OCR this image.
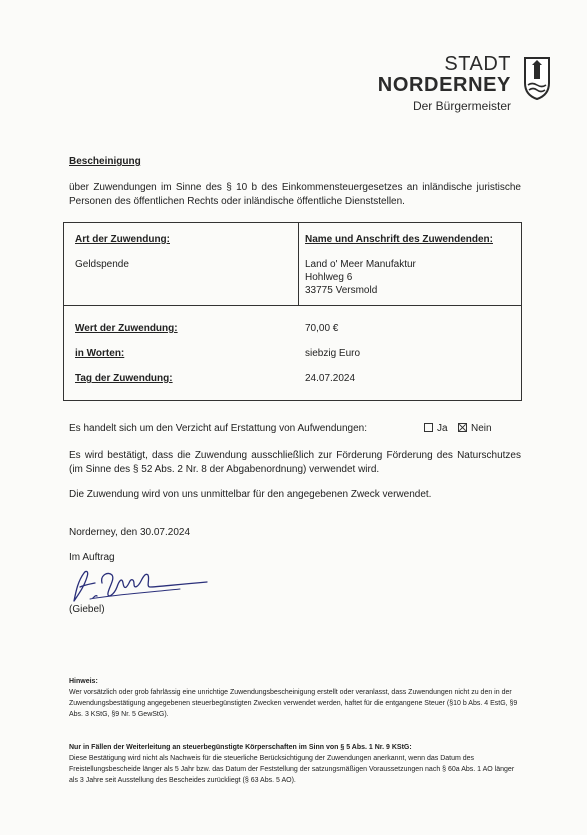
STADT
NORDERNEY
Der Bürgermeister
Bescheinigung
über Zuwendungen im Sinne des § 10 b des Einkommensteuergesetzes an inländische juristische Personen des öffentlichen Rechts oder inländische öffentliche Dienststellen.
Art der Zuwendung:
Geldspende
Name und Anschrift des Zuwendenden:
Land o' Meer Manufaktur
Hohlweg 6
33775 Versmold
Wert der Zuwendung:	70,00 €
in Worten:	siebzig Euro
Tag der Zuwendung:	24.07.2024
Es handelt sich um den Verzicht auf Erstattung von Aufwendungen:	Ja	Nein
Es wird bestätigt, dass die Zuwendung ausschließlich zur Förderung Förderung des Naturschutzes (im Sinne des § 52 Abs. 2 Nr. 8 der Abgabenordnung) verwendet wird.
Die Zuwendung wird von uns unmittelbar für den angegebenen Zweck verwendet.
Norderney, den 30.07.2024
Im Auftrag
(Giebel)
Hinweis:
Wer vorsätzlich oder grob fahrlässig eine unrichtige Zuwendungsbescheinigung erstellt oder veranlasst, dass Zuwendungen nicht zu den in der Zuwendungsbestätigung angegebenen steuerbegünstigten Zwecken verwendet werden, haftet für die entgangene Steuer (§10 b Abs. 4 EstG, §9 Abs. 3 KStG, §9 Nr. 5 GewStG).
Nur in Fällen der Weiterleitung an steuerbegünstigte Körperschaften im Sinn von § 5 Abs. 1 Nr. 9 KStG:
Diese Bestätigung wird nicht als Nachweis für die steuerliche Berücksichtigung der Zuwendungen anerkannt, wenn das Datum des Freistellungsbescheide länger als 5 Jahr bzw. das Datum der Feststellung der satzungsmäßigen Voraussetzungen nach § 60a Abs. 1 AO länger als 3 Jahre seit Ausstellung des Bescheides zurückliegt (§ 63 Abs. 5 AO).
